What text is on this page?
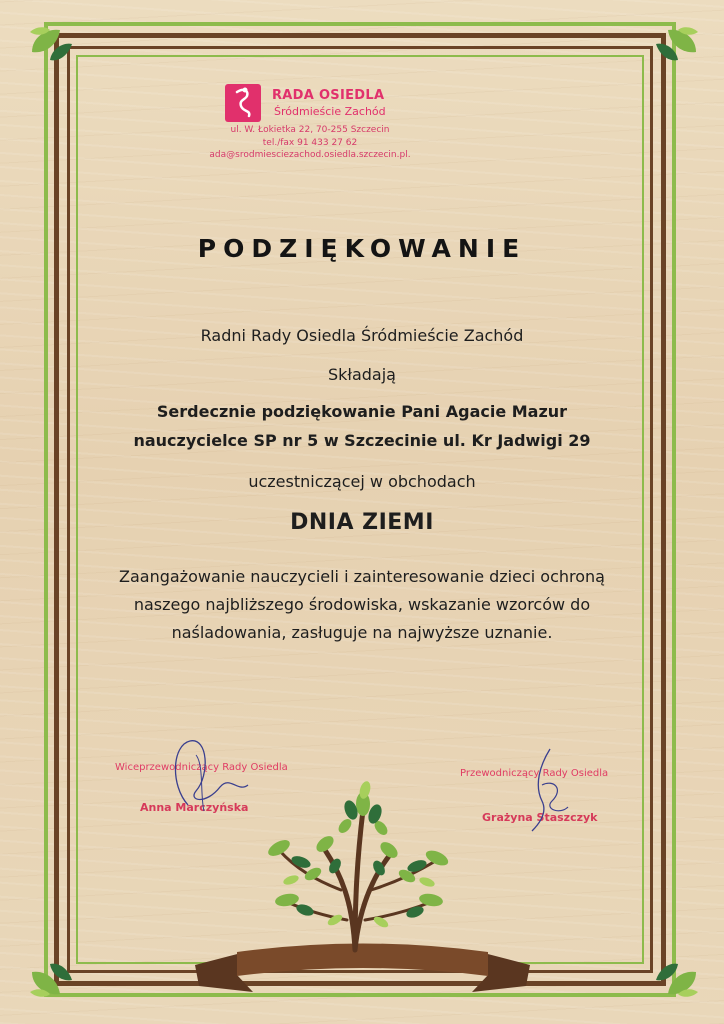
RADA OSIEDLA
Śródmieście Zachód
ul. W. Łokietka 22, 70-255 Szczecin
tel./fax 91 433 27 62
ada@srodmiesciezachod.osiedla.szczecin.pl.
PODZIĘKOWANIE
Radni Rady Osiedla Śródmieście Zachód
Składają
Serdecznie podziękowanie Pani Agacie Mazur
nauczycielce SP nr 5 w Szczecinie ul. Kr Jadwigi 29
uczestniczącej w obchodach
DNIA ZIEMI
Zaangażowanie nauczycieli i zainteresowanie dzieci ochroną naszego najbliższego środowiska, wskazanie wzorców do naśladowania, zasługuje na najwyższe uznanie.
Wiceprzewodniczący Rady Osiedla
Anna Marczyńska
Przewodniczący Rady Osiedla
Grażyna Staszczyk
